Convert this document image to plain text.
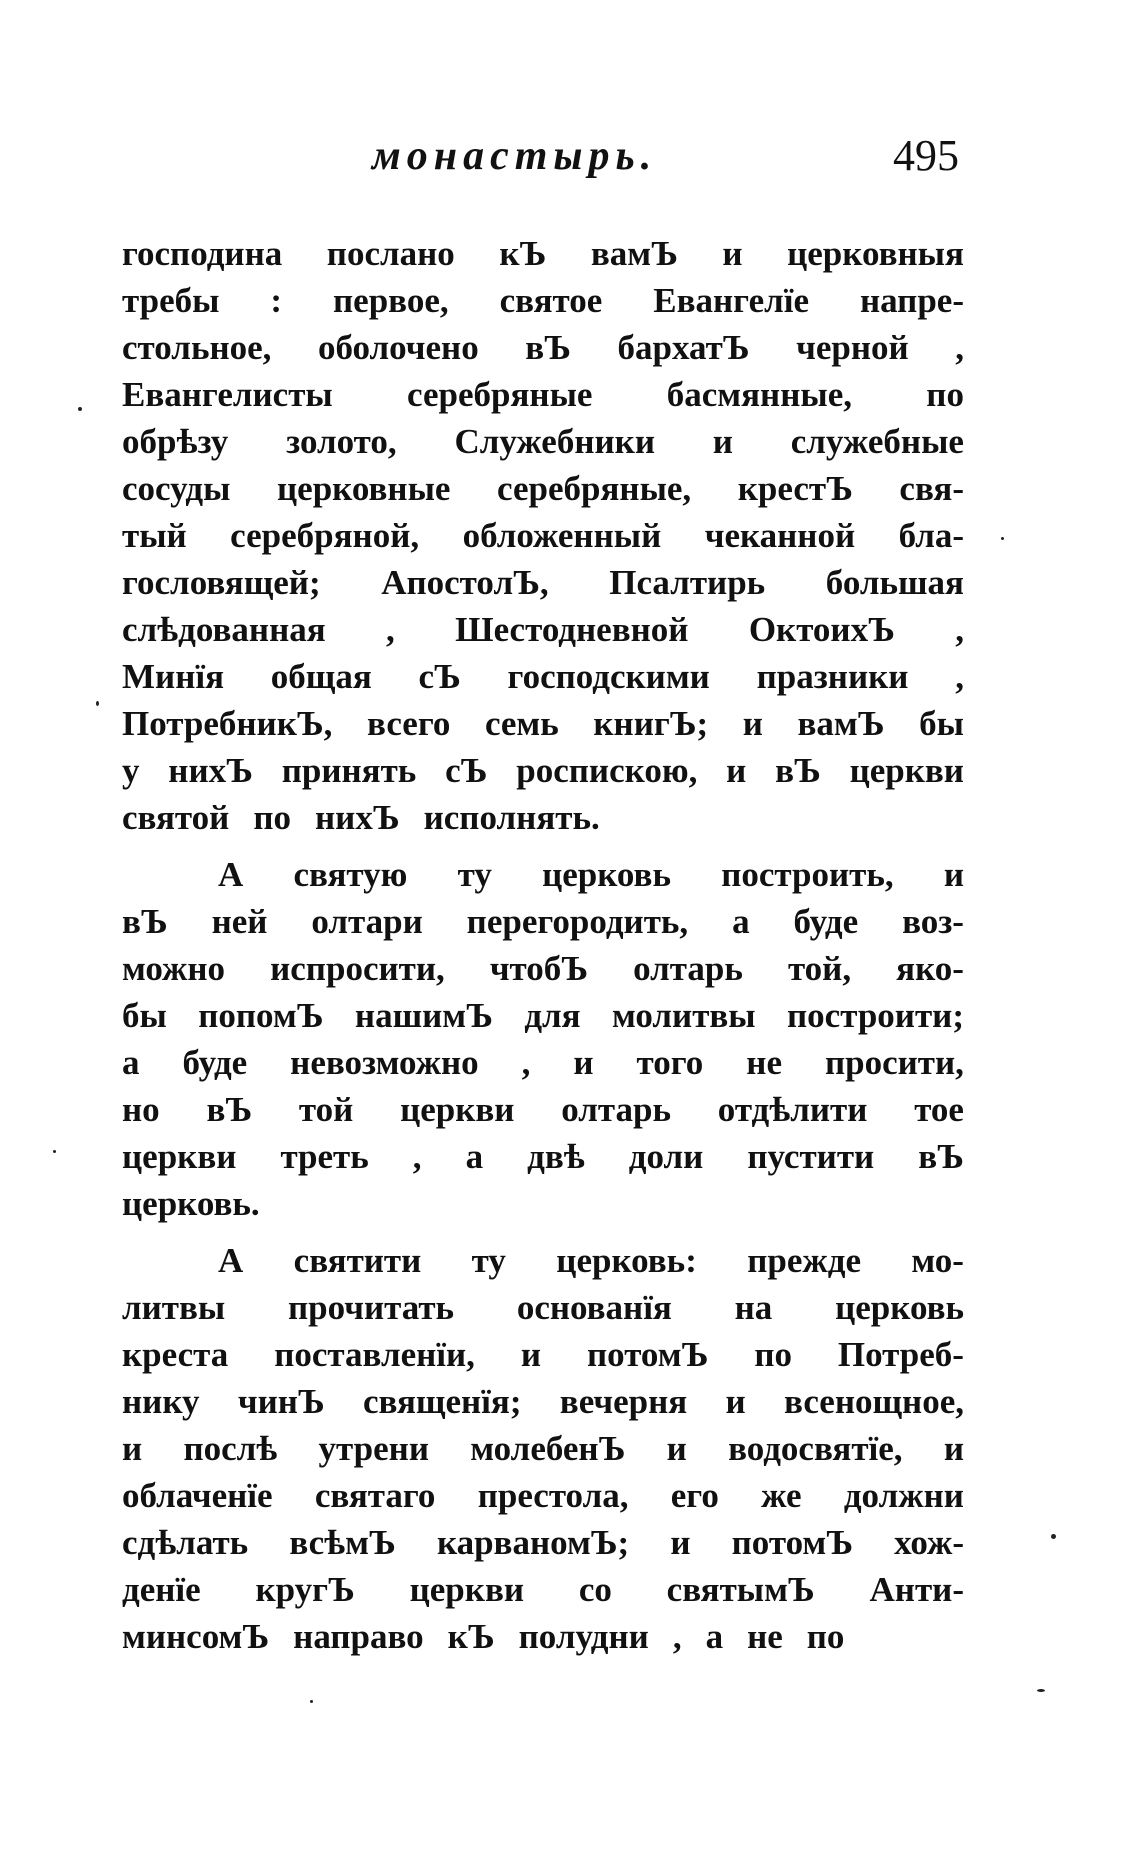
монастырь.	495
господина послано кЪ вамЪ и церковныя
требы : первое, святое Евангелїе напре-
стольное, оболочено вЪ бархатЪ черной ,
Евангелисты серебряные басмянные, по
обрѣзу золото, Служебники и служебные
сосуды церковные серебряные, крестЪ свя-
тый серебряной, обложенный чеканной бла-
гословящей; АпостолЪ, Псалтирь большая
слѣдованная , Шестодневной ОктоихЪ ,
Минїя общая сЪ господскими празники ,
ПотребникЪ, всего семь книгЪ; и вамЪ бы
у нихЪ принять сЪ роспискою, и вЪ церкви
святой по нихЪ исполнять.
А святую ту церковь построить, и
вЪ ней олтари перегородить, а буде воз-
можно испросити, чтобЪ олтарь той, яко-
бы попомЪ нашимЪ для молитвы построити;
а буде невозможно , и того не просити,
но вЪ той церкви олтарь отдѣлити тое
церкви треть , а двѣ доли пустити вЪ
церковь.
А святити ту церковь: прежде мо-
литвы прочитать основанїя на церковь
креста поставленїи, и потомЪ по Потреб-
нику чинЪ священїя; вечерня и всенощное,
и послѣ утрени молебенЪ и водосвятїе, и
облаченїе святаго престола, его же должни
сдѣлать всѣмЪ карваномЪ; и потомЪ хож-
денїе кругЪ церкви со святымЪ Анти-
минсомЪ направо кЪ полудни , а не по
